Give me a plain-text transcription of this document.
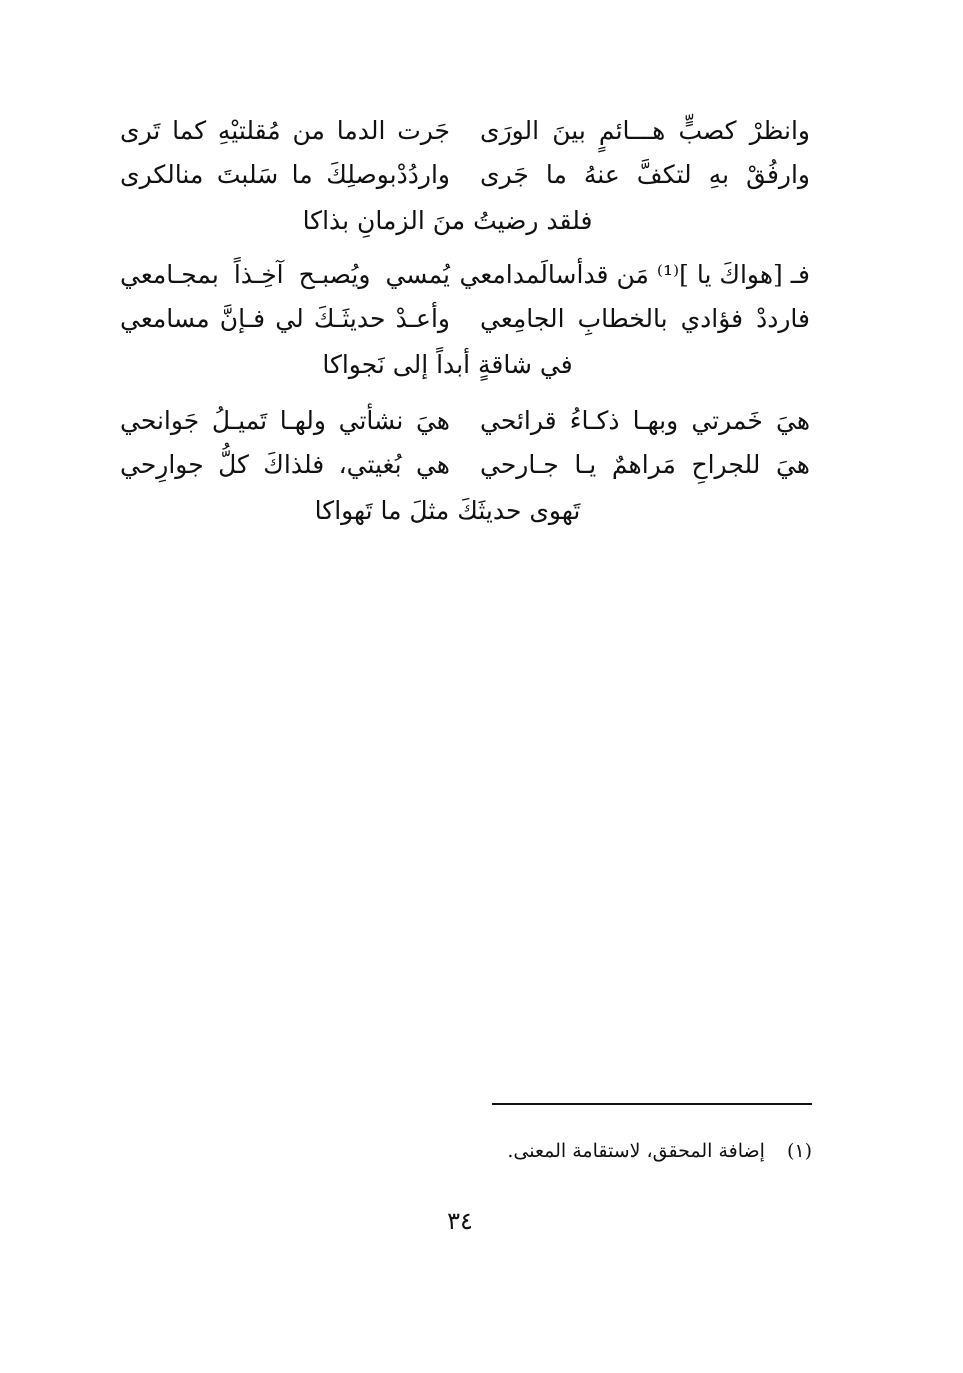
وانظرْ كصبٍّ هـــائمٍ بينَ الورَى
جَرت الدما من مُقلتيْهِ كما تَرى
وارفُقْ بهِ لتكفَّ عنهُ ما جَرى
واردُدْبوصلِكَ ما سَلبتَ منالكرى
فلقد رضيتُ منَ الزمانِ بذاكا
فـ [هواكَ يا ]⁽¹⁾ مَن قدأسالَمدامعي
يُمسي ويُصبـح آخِـذاً بمجـامعي
فارددْ فؤادي بالخطابِ الجامِعي
وأعـدْ حديثَـكَ لي فـإنَّ مسامعي
في شاقةٍ أبداً إلى نَجواكا
هيَ خَمرتي وبهـا ذكـاءُ قرائحي
هيَ نشأتي ولهـا تَميـلُ جَوانحي
هيَ للجراحِ مَراهمٌ يـا جـارحي
هي بُغيتي، فلذاكَ كلُّ جوارِحي
تَهوى حديثَكَ مثلَ ما تَهواكا
(١)إضافة المحقق، لاستقامة المعنى.
٣٤
